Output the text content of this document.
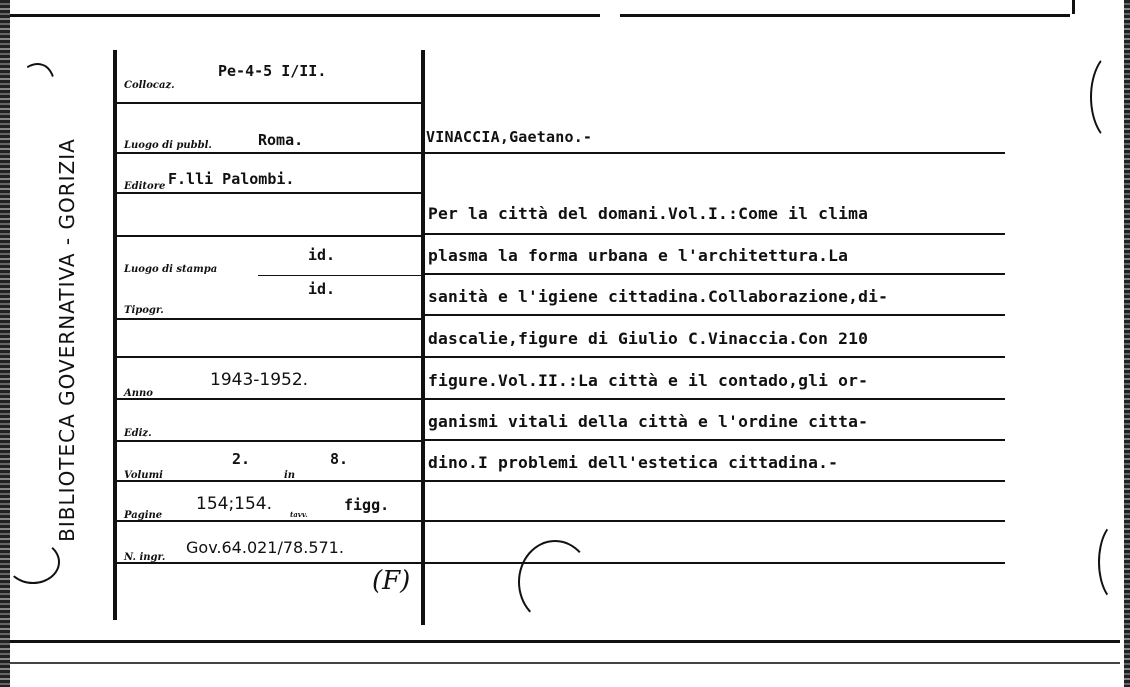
BIBLIOTECA GOVERNATIVA - GORIZIA
Collocaz.
Pe-4-5 I/II.
Luogo di pubbl.	Roma.
Editore F.lli Palombi.
Luogo di stampa
id.
Tipogr.
id.
Anno
1943-1952.
Ediz.
Volumi
2.
in
8.
Pagine
154;154.
tavv.
figg.
N. ingr.
Gov.64.021/78.571.
(F)
VINACCIA,Gaetano.-
Per la città del domani.Vol.I.:Come il clima
plasma la forma urbana e l'architettura.La
sanità e l'igiene cittadina.Collaborazione,di-
dascalie,figure di Giulio C.Vinaccia.Con 210
figure.Vol.II.:La città e il contado,gli or-
ganismi vitali della città e l'ordine citta-
dino.I problemi dell'estetica cittadina.-
